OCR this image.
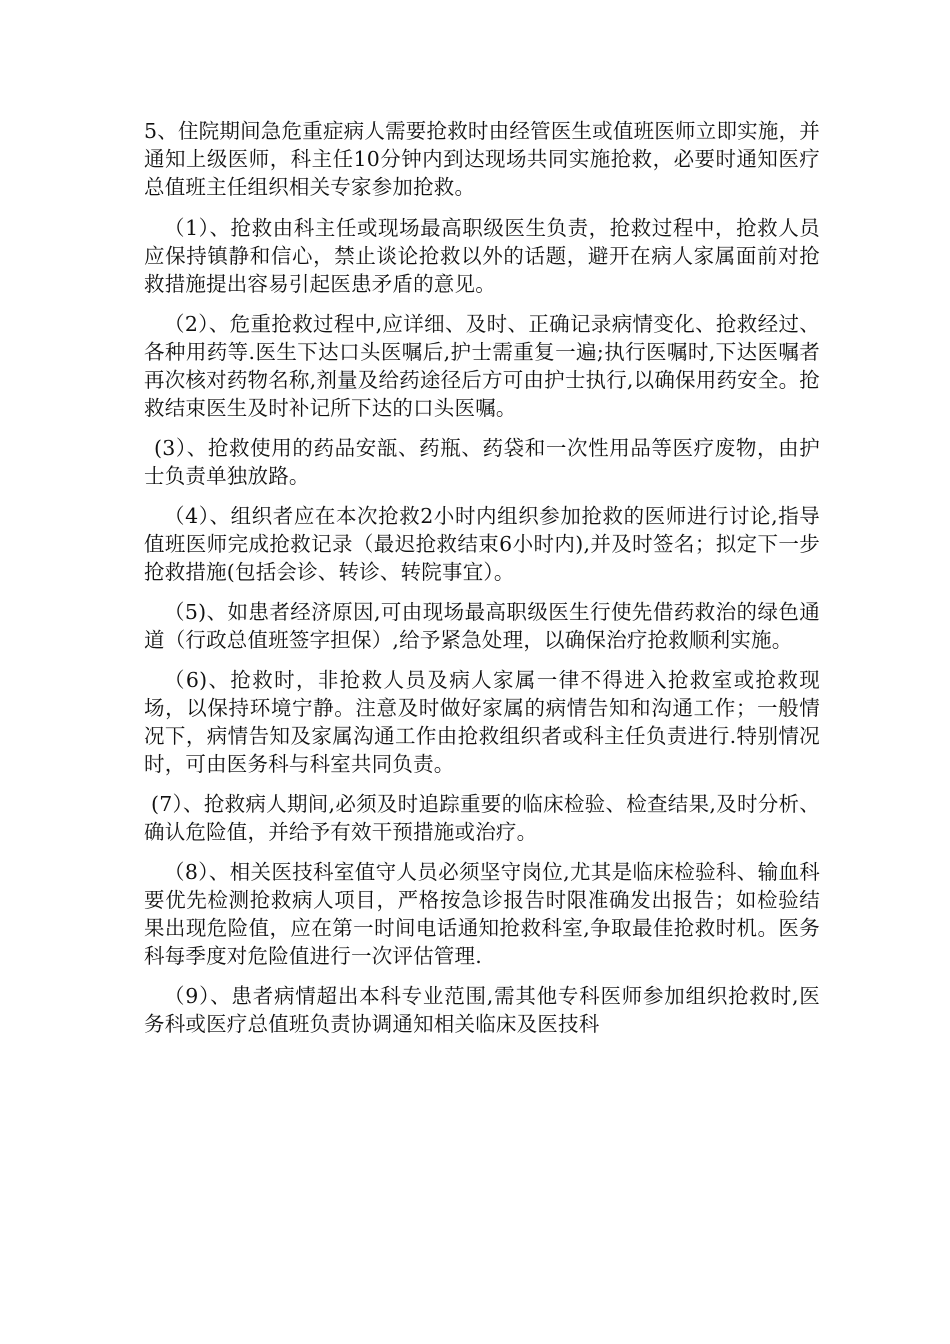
5、住院期间急危重症病人需要抢救时由经管医生或值班医师立即实施，并通知上级医师，科主任10分钟内到达现场共同实施抢救，必要时通知医疗总值班主任组织相关专家参加抢救。

（1）、抢救由科主任或现场最高职级医生负责，抢救过程中，抢救人员应保持镇静和信心，禁止谈论抢救以外的话题，避开在病人家属面前对抢救措施提出容易引起医患矛盾的意见。

（2）、危重抢救过程中,应详细、及时、正确记录病情变化、抢救经过、各种用药等.医生下达口头医嘱后,护士需重复一遍;执行医嘱时,下达医嘱者再次核对药物名称,剂量及给药途径后方可由护士执行,以确保用药安全。抢救结束医生及时补记所下达的口头医嘱。

(3）、抢救使用的药品安瓿、药瓶、药袋和一次性用品等医疗废物，由护士负责单独放路。

（4）、组织者应在本次抢救2小时内组织参加抢救的医师进行讨论,指导值班医师完成抢救记录（最迟抢救结束6小时内),并及时签名；拟定下一步抢救措施(包括会诊、转诊、转院事宜）。

（5)、如患者经济原因,可由现场最高职级医生行使先借药救治的绿色通道（行政总值班签字担保）,给予紧急处理，以确保治疗抢救顺利实施。

（6)、抢救时，非抢救人员及病人家属一律不得进入抢救室或抢救现场，以保持环境宁静。注意及时做好家属的病情告知和沟通工作；一般情况下，病情告知及家属沟通工作由抢救组织者或科主任负责进行.特别情况时，可由医务科与科室共同负责。

(7）、抢救病人期间,必须及时追踪重要的临床检验、检查结果,及时分析、确认危险值，并给予有效干预措施或治疗。

（8）、相关医技科室值守人员必须坚守岗位,尤其是临床检验科、输血科要优先检测抢救病人项目，严格按急诊报告时限准确发出报告；如检验结果出现危险值，应在第一时间电话通知抢救科室,争取最佳抢救时机。医务科每季度对危险值进行一次评估管理.

（9）、患者病情超出本科专业范围,需其他专科医师参加组织抢救时,医务科或医疗总值班负责协调通知相关临床及医技科
